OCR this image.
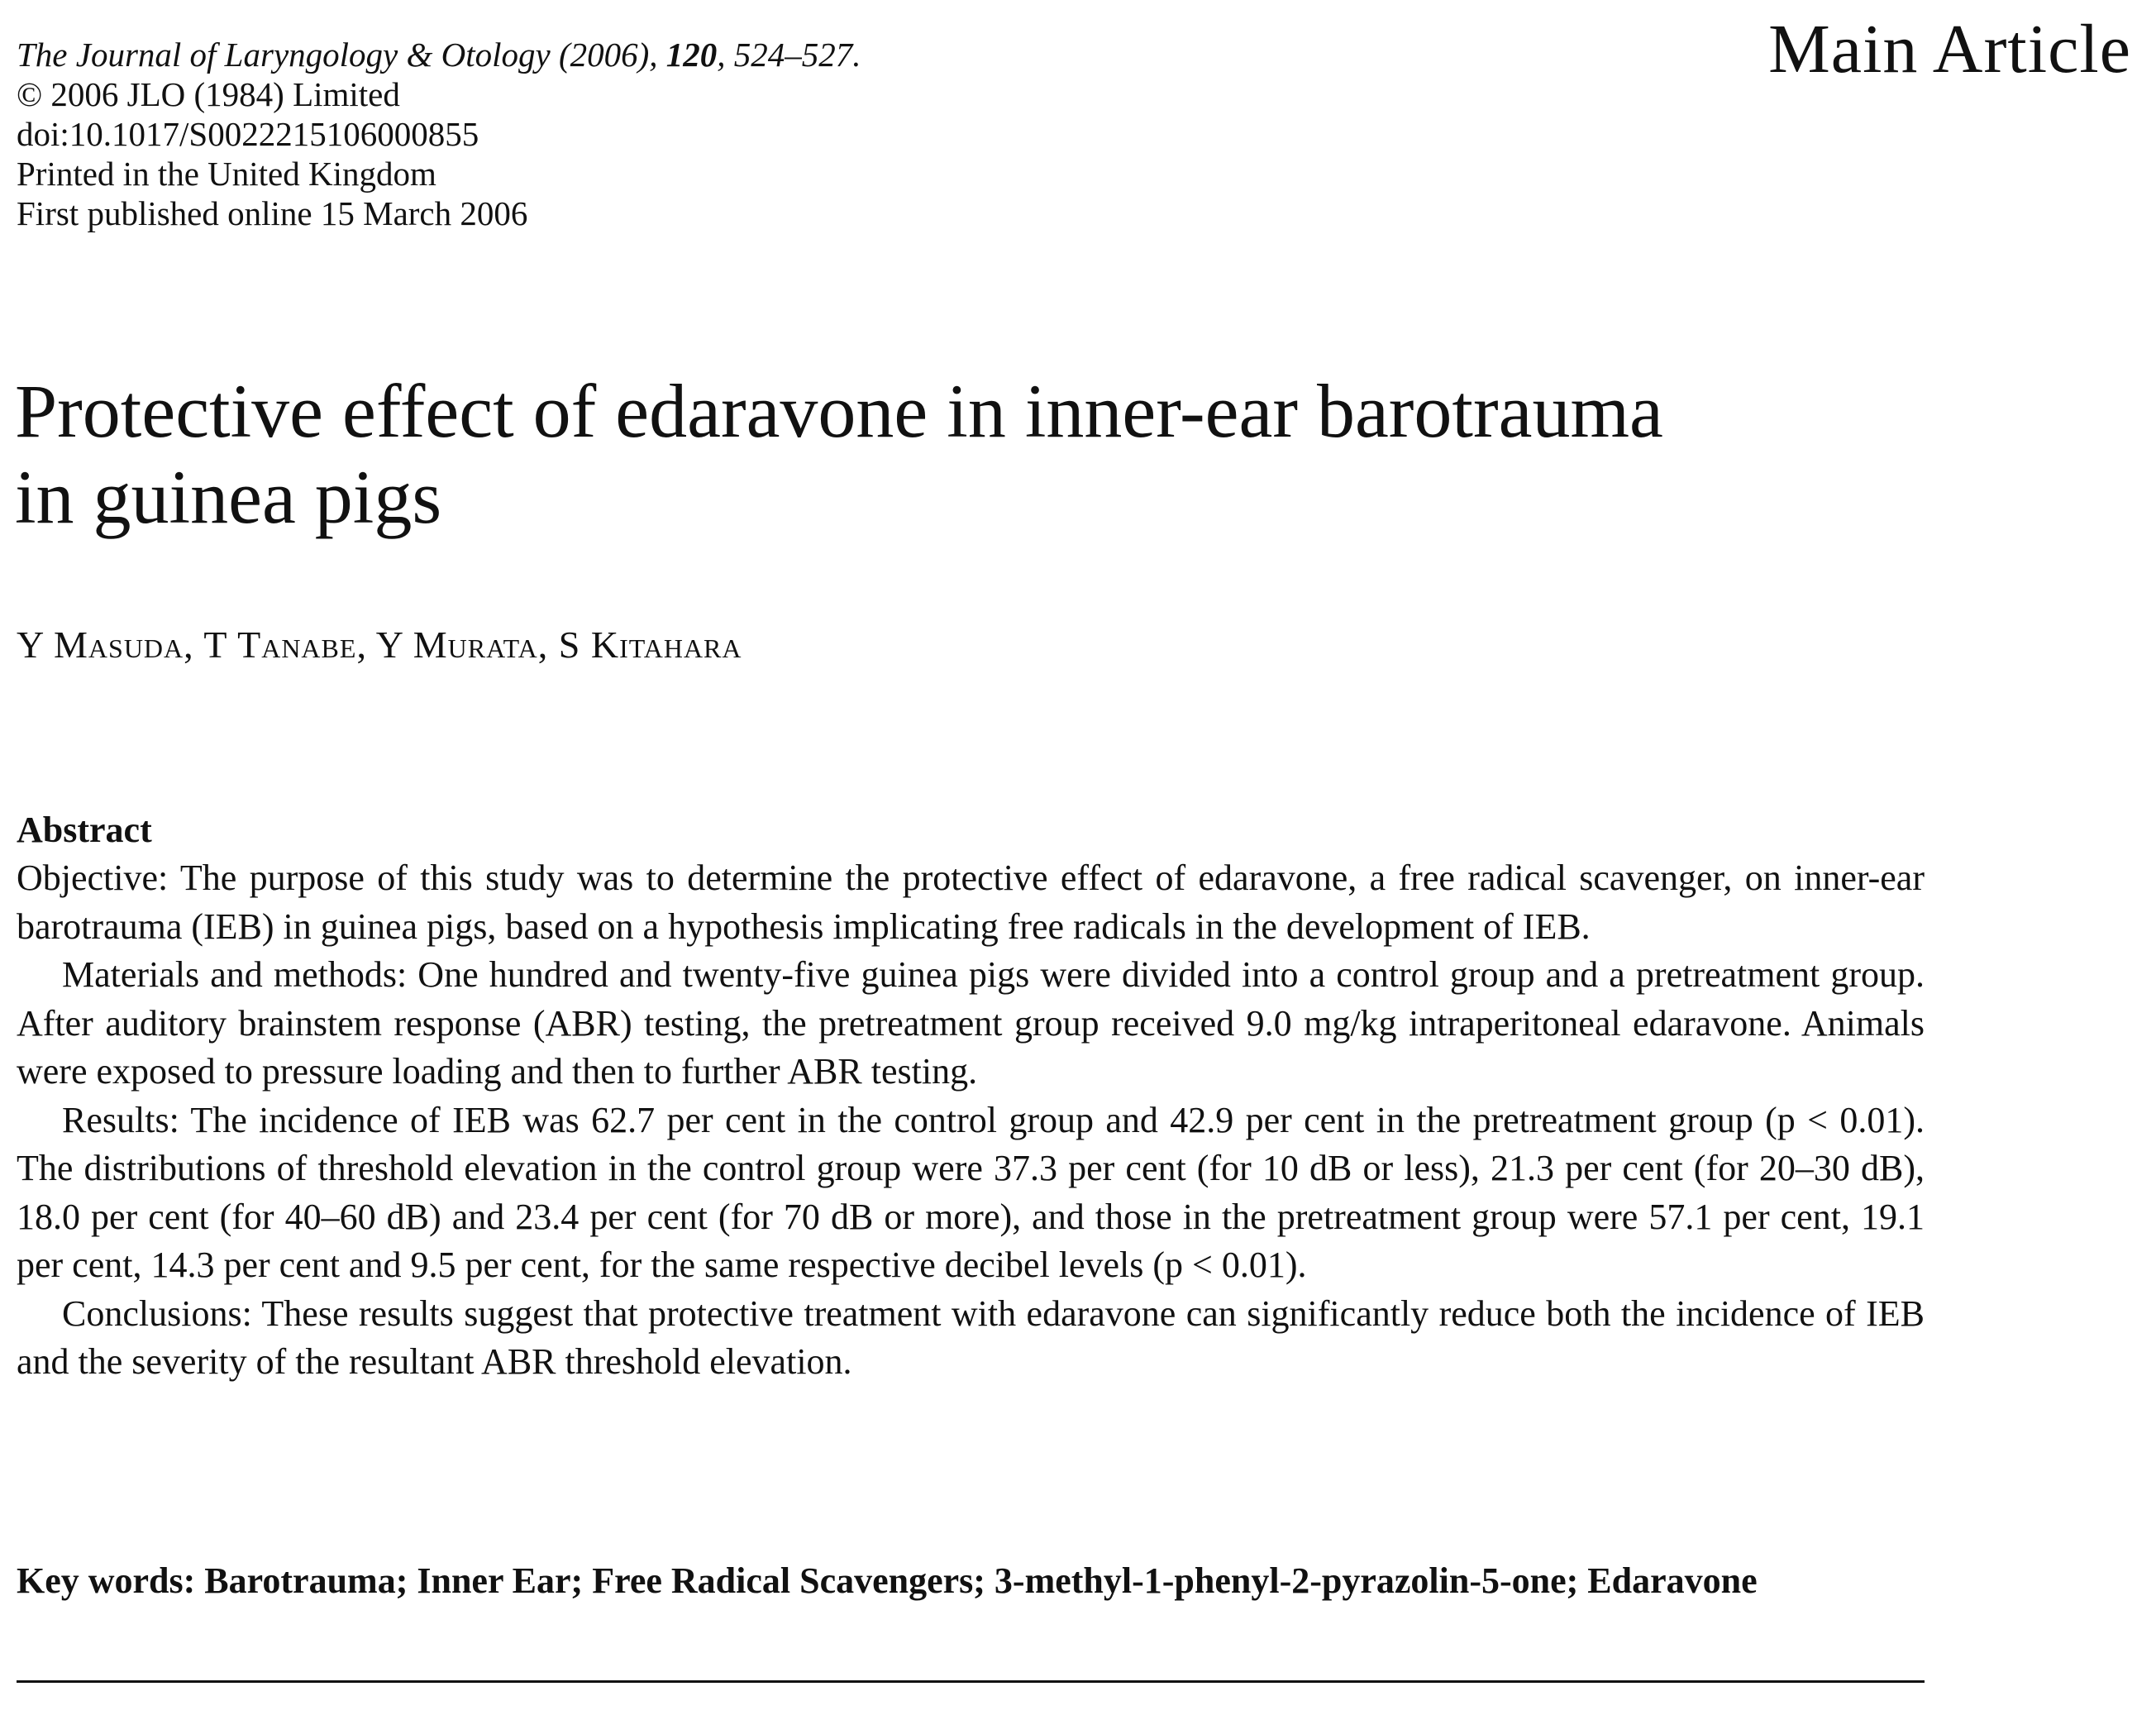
The Journal of Laryngology & Otology (2006), 120, 524–527.
© 2006 JLO (1984) Limited
doi:10.1017/S0022215106000855
Printed in the United Kingdom
First published online 15 March 2006
Main Article
Protective effect of edaravone in inner-ear barotrauma
in guinea pigs
Y Masuda, T Tanabe, Y Murata, S Kitahara
Abstract

Objective: The purpose of this study was to determine the protective effect of edaravone, a free radical scavenger, on inner-ear barotrauma (IEB) in guinea pigs, based on a hypothesis implicating free radicals in the development of IEB.

Materials and methods: One hundred and twenty-five guinea pigs were divided into a control group and a pretreatment group. After auditory brainstem response (ABR) testing, the pretreatment group received 9.0 mg/kg intraperitoneal edaravone. Animals were exposed to pressure loading and then to further ABR testing.

Results: The incidence of IEB was 62.7 per cent in the control group and 42.9 per cent in the pretreatment group (p < 0.01). The distributions of threshold elevation in the control group were 37.3 per cent (for 10 dB or less), 21.3 per cent (for 20–30 dB), 18.0 per cent (for 40–60 dB) and 23.4 per cent (for 70 dB or more), and those in the pretreatment group were 57.1 per cent, 19.1 per cent, 14.3 per cent and 9.5 per cent, for the same respective decibel levels (p < 0.01).

Conclusions: These results suggest that protective treatment with edaravone can significantly reduce both the incidence of IEB and the severity of the resultant ABR threshold elevation.

Key words: Barotrauma; Inner Ear; Free Radical Scavengers; 3-methyl-1-phenyl-2-pyrazolin-5-one; Edaravone
